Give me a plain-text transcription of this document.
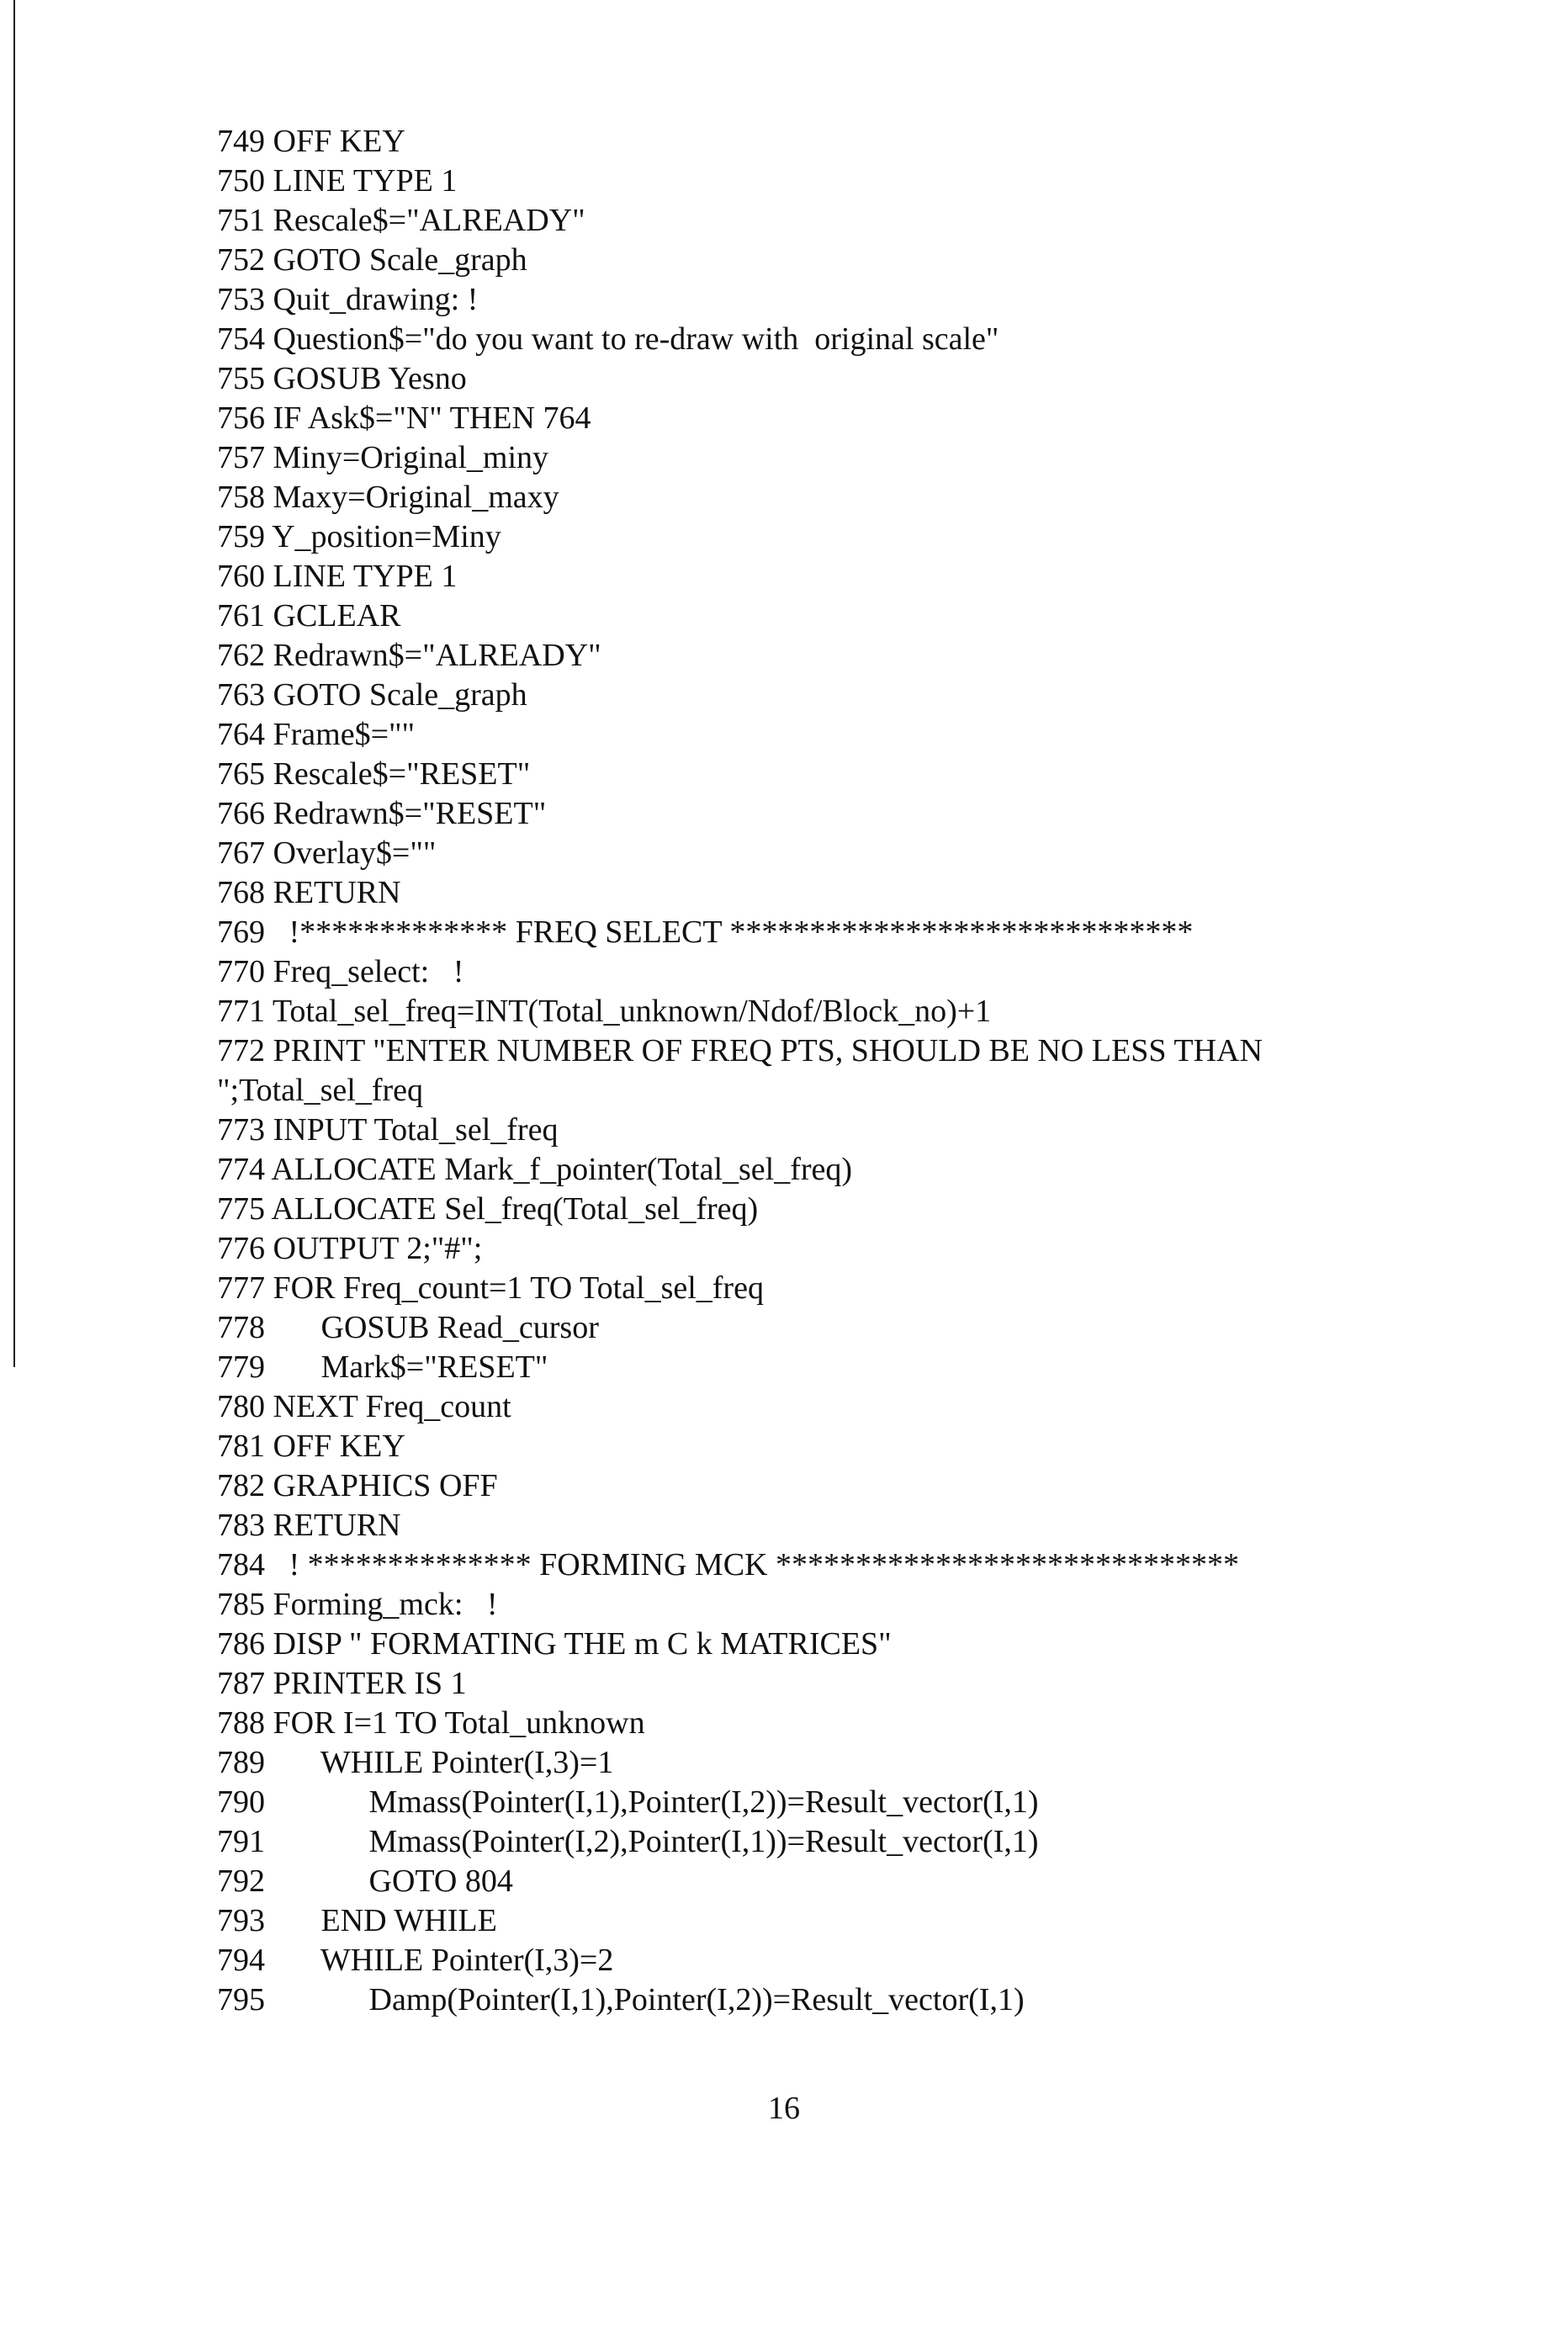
749 OFF KEY
750 LINE TYPE 1
751 Rescale$="ALREADY"
752 GOTO Scale_graph
753 Quit_drawing: !
754 Question$="do you want to re-draw with  original scale"
755 GOSUB Yesno
756 IF Ask$="N" THEN 764
757 Miny=Original_miny
758 Maxy=Original_maxy
759 Y_position=Miny
760 LINE TYPE 1
761 GCLEAR
762 Redrawn$="ALREADY"
763 GOTO Scale_graph
764 Frame$=""
765 Rescale$="RESET"
766 Redrawn$="RESET"
767 Overlay$=""
768 RETURN
769   !************* FREQ SELECT *****************************
770 Freq_select:   !
771 Total_sel_freq=INT(Total_unknown/Ndof/Block_no)+1
772 PRINT "ENTER NUMBER OF FREQ PTS, SHOULD BE NO LESS THAN
";Total_sel_freq
773 INPUT Total_sel_freq
774 ALLOCATE Mark_f_pointer(Total_sel_freq)
775 ALLOCATE Sel_freq(Total_sel_freq)
776 OUTPUT 2;"#";
777 FOR Freq_count=1 TO Total_sel_freq
778       GOSUB Read_cursor
779       Mark$="RESET"
780 NEXT Freq_count
781 OFF KEY
782 GRAPHICS OFF
783 RETURN
784   ! ************** FORMING MCK *****************************
785 Forming_mck:   !
786 DISP " FORMATING THE m C k MATRICES"
787 PRINTER IS 1
788 FOR I=1 TO Total_unknown
789       WHILE Pointer(I,3)=1
790             Mmass(Pointer(I,1),Pointer(I,2))=Result_vector(I,1)
791             Mmass(Pointer(I,2),Pointer(I,1))=Result_vector(I,1)
792             GOTO 804
793       END WHILE
794       WHILE Pointer(I,3)=2
795             Damp(Pointer(I,1),Pointer(I,2))=Result_vector(I,1)
16
